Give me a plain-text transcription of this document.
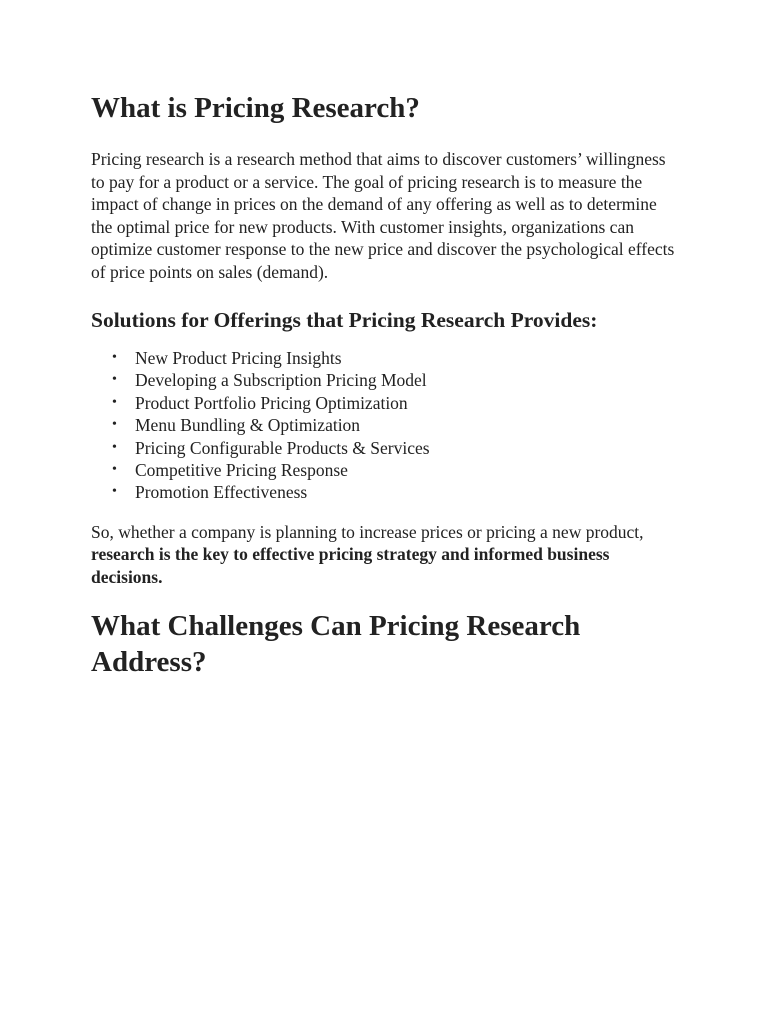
What is Pricing Research?

Pricing research is a research method that aims to discover customers’ willingness to pay for a product or a service. The goal of pricing research is to measure the impact of change in prices on the demand of any offering as well as to determine the optimal price for new products. With customer insights, organizations can optimize customer response to the new price and discover the psychological effects of price points on sales (demand).

Solutions for Offerings that Pricing Research Provides:
• New Product Pricing Insights
• Developing a Subscription Pricing Model
• Product Portfolio Pricing Optimization
• Menu Bundling & Optimization
• Pricing Configurable Products & Services
• Competitive Pricing Response
• Promotion Effectiveness

So, whether a company is planning to increase prices or pricing a new product, research is the key to effective pricing strategy and informed business decisions.

What Challenges Can Pricing Research Address?
